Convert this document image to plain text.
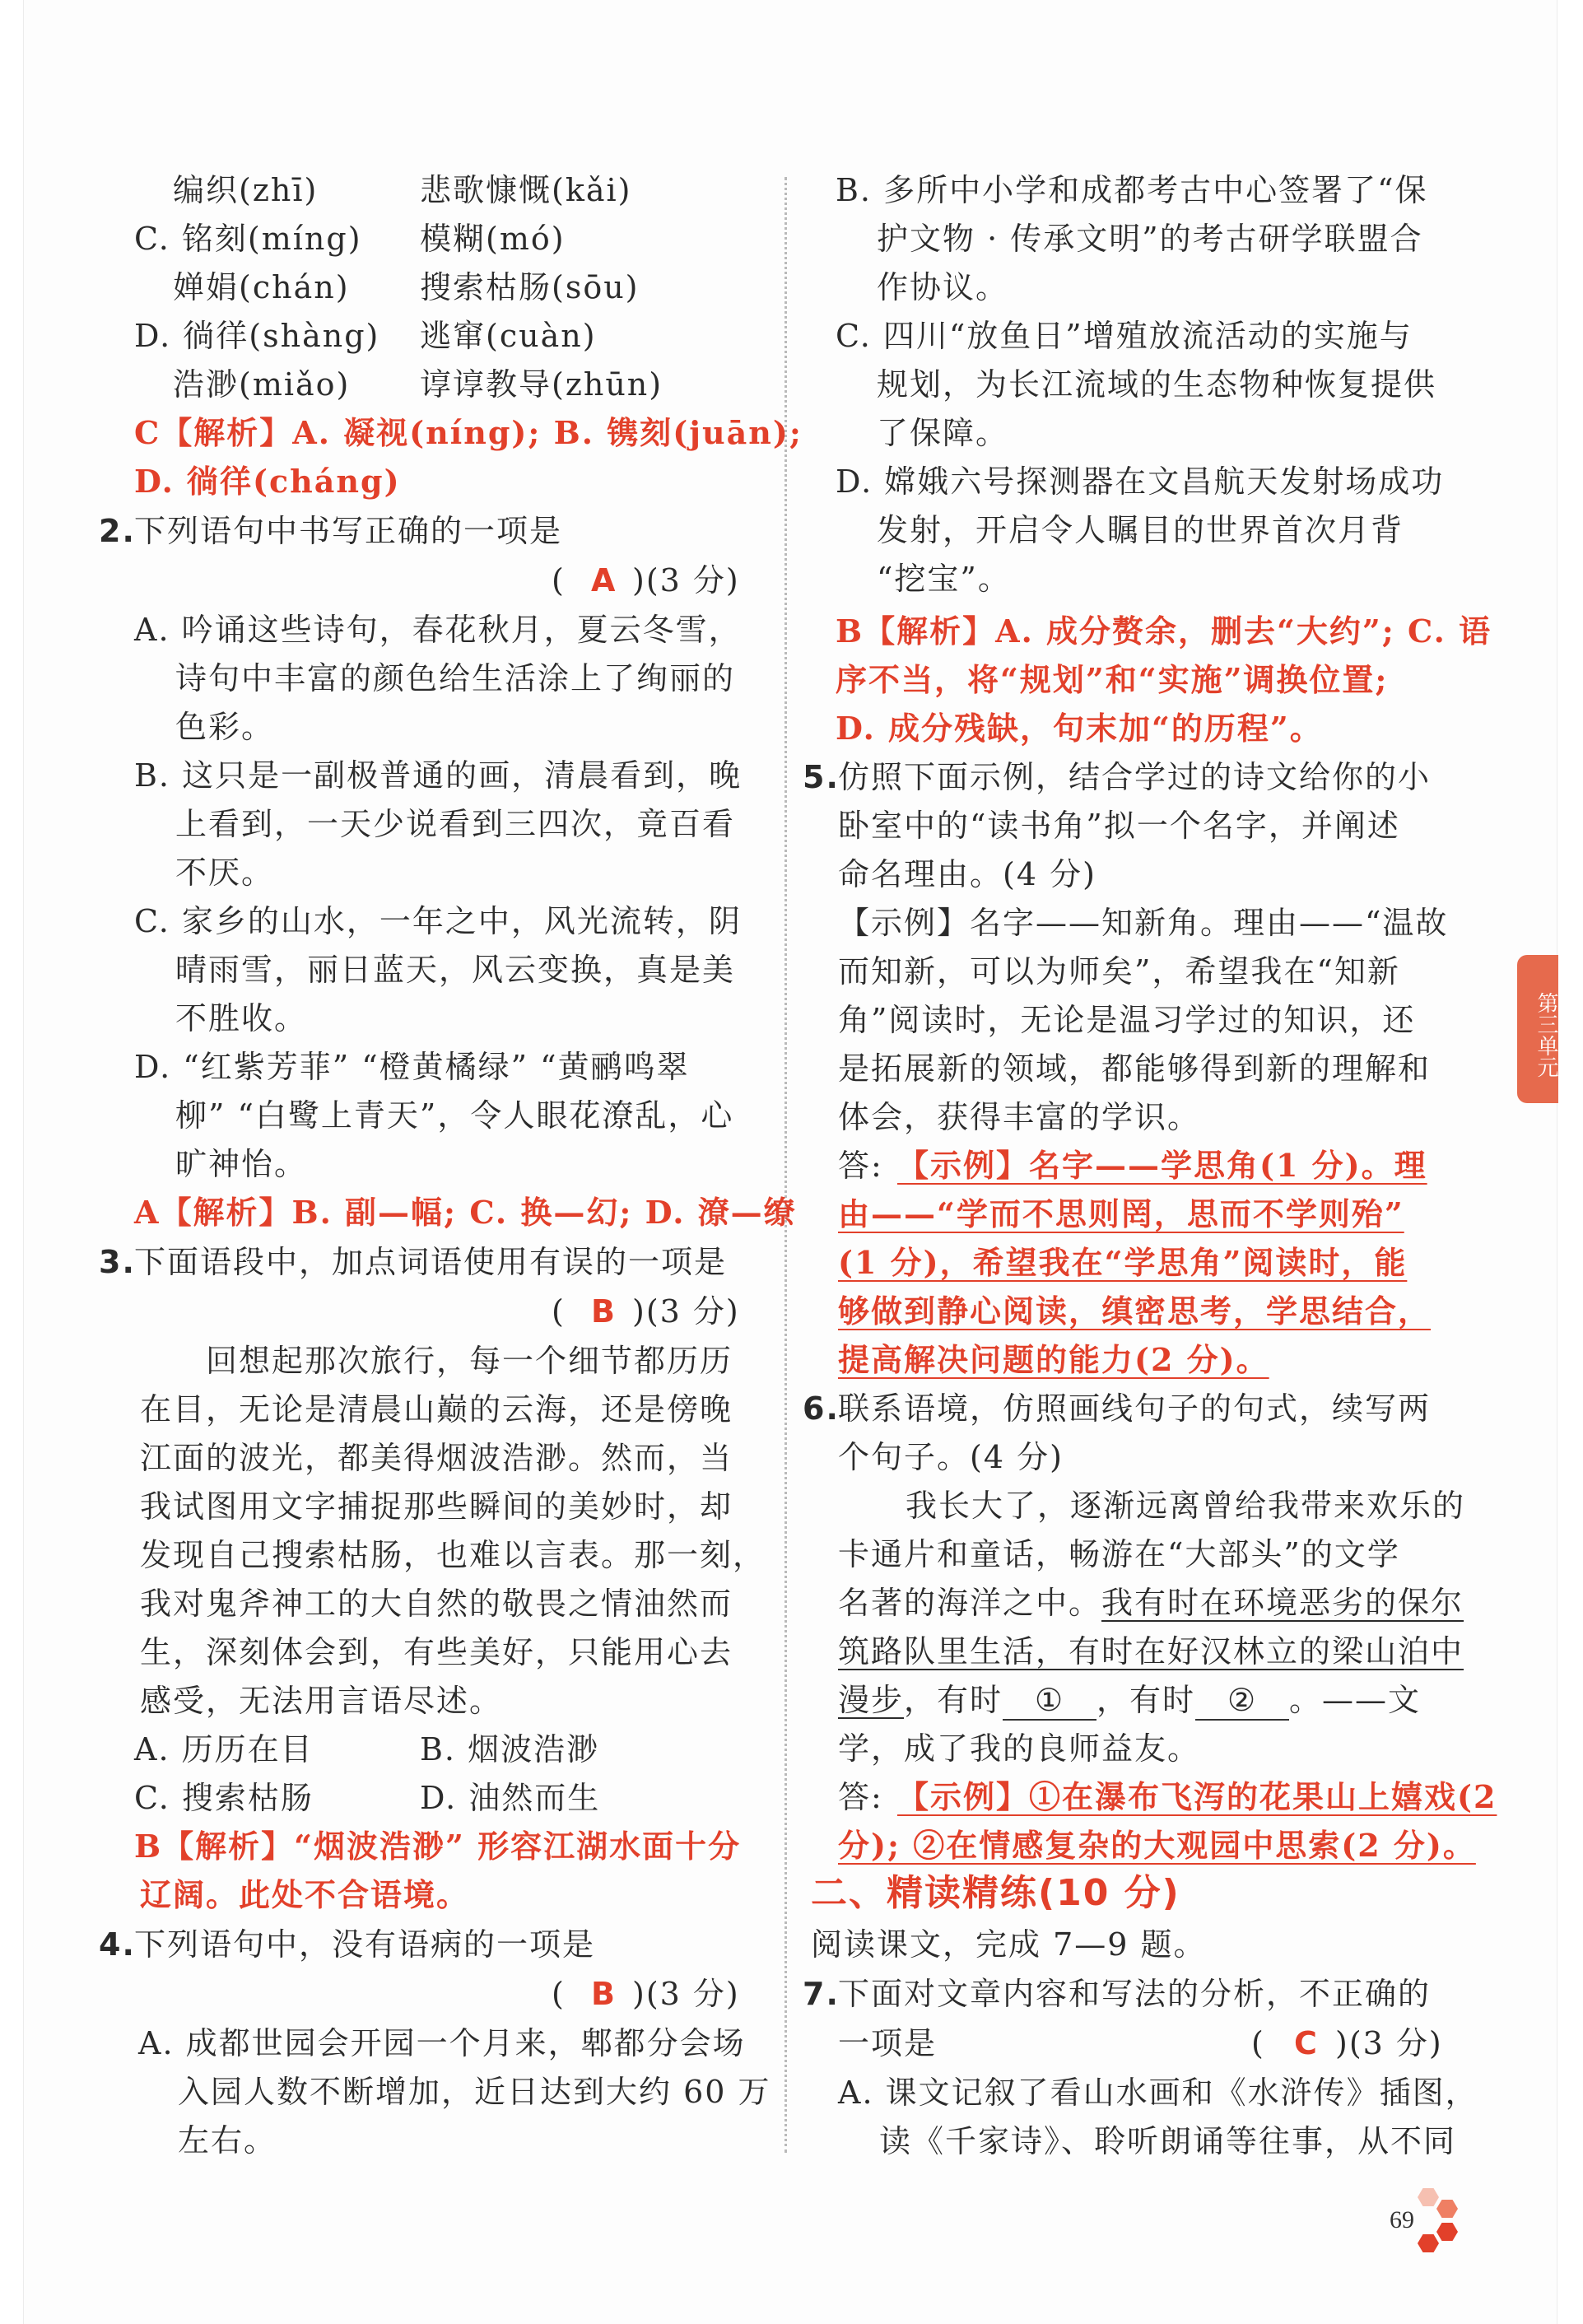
编织(zhī)	悲歌慷慨(kǎi)
C. 铭刻(míng) 模糊(mó)
婵娟(chán) 搜索枯肠(sōu)
D. 徜徉(shàng) 逃窜(cuàn)
浩渺(miǎo) 谆谆教导(zhūn)
C【解析】A. 凝视(níng); B. 镌刻(juān);
D. 徜徉(cháng)
2.
下列语句中书写正确的一项是
( A )(3 分)
A. 吟诵这些诗句，春花秋月，夏云冬雪，
诗句中丰富的颜色给生活涂上了绚丽的
色彩。
B. 这只是一副极普通的画，清晨看到，晚
上看到，一天少说看到三四次，竟百看
不厌。
C. 家乡的山水，一年之中，风光流转，阴
晴雨雪，丽日蓝天，风云变换，真是美
不胜收。
D. “红紫芳菲” “橙黄橘绿” “黄鹂鸣翠
柳” “白鹭上青天”，令人眼花潦乱，心
旷神怡。
A【解析】B. 副—幅; C. 换—幻; D. 潦—缭
3.
下面语段中，加点词语使用有误的一项是
( B )(3 分)
回想起那次旅行，每一个细节都历历
在目，无论是清晨山巅的云海，还是傍晚
江面的波光，都美得烟波浩渺。然而，当
我试图用文字捕捉那些瞬间的美妙时，却
发现自己搜索枯肠，也难以言表。那一刻，
我对鬼斧神工的大自然的敬畏之情油然而
生，深刻体会到，有些美好，只能用心去
感受，无法用言语尽述。
A. 历历在目	B. 烟波浩渺
C. 搜索枯肠	D. 油然而生
B【解析】“烟波浩渺” 形容江湖水面十分
辽阔。此处不合语境。
4.
下列语句中，没有语病的一项是
( B )(3 分)
A. 成都世园会开园一个月来，郫都分会场
入园人数不断增加，近日达到大约 60 万
左右。
B. 多所中小学和成都考古中心签署了“保
护文物 · 传承文明”的考古研学联盟合
作协议。
C. 四川“放鱼日”增殖放流活动的实施与
规划，为长江流域的生态物种恢复提供
了保障。
D. 嫦娥六号探测器在文昌航天发射场成功
发射，开启令人瞩目的世界首次月背
“挖宝”。
B【解析】A. 成分赘余，删去“大约”; C. 语
序不当，将“规划”和“实施”调换位置;
D. 成分残缺，句末加“的历程”。
5.
仿照下面示例，结合学过的诗文给你的小
卧室中的“读书角”拟一个名字，并阐述
命名理由。(4 分)
【示例】名字——知新角。理由——“温故
而知新，可以为师矣”，希望我在“知新
角”阅读时，无论是温习学过的知识，还
是拓展新的领域，都能够得到新的理解和
体会，获得丰富的学识。
答: 【示例】名字——学思角(1 分)。理
由——“学而不思则罔，思而不学则殆”
(1 分)，希望我在“学思角”阅读时，能
够做到静心阅读，缜密思考，学思结合，
提高解决问题的能力(2 分)。
6.
联系语境，仿照画线句子的句式，续写两
个句子。(4 分)
我长大了，逐渐远离曾给我带来欢乐的
卡通片和童话，畅游在“大部头”的文学
名著的海洋之中。我有时在环境恶劣的保尔
筑路队里生活，有时在好汉林立的梁山泊中
漫步，有时 ① ，有时 ② 。——文
学，成了我的良师益友。
答: 【示例】①在瀑布飞泻的花果山上嬉戏(2
分); ②在情感复杂的大观园中思索(2 分)。
二、精读精练(10 分)
阅读课文，完成 7—9 题。
7.
下面对文章内容和写法的分析，不正确的
一项是	( C )(3 分)
A. 课文记叙了看山水画和《水浒传》插图，
读《千家诗》、聆听朗诵等往事，从不同
第三单元
69
